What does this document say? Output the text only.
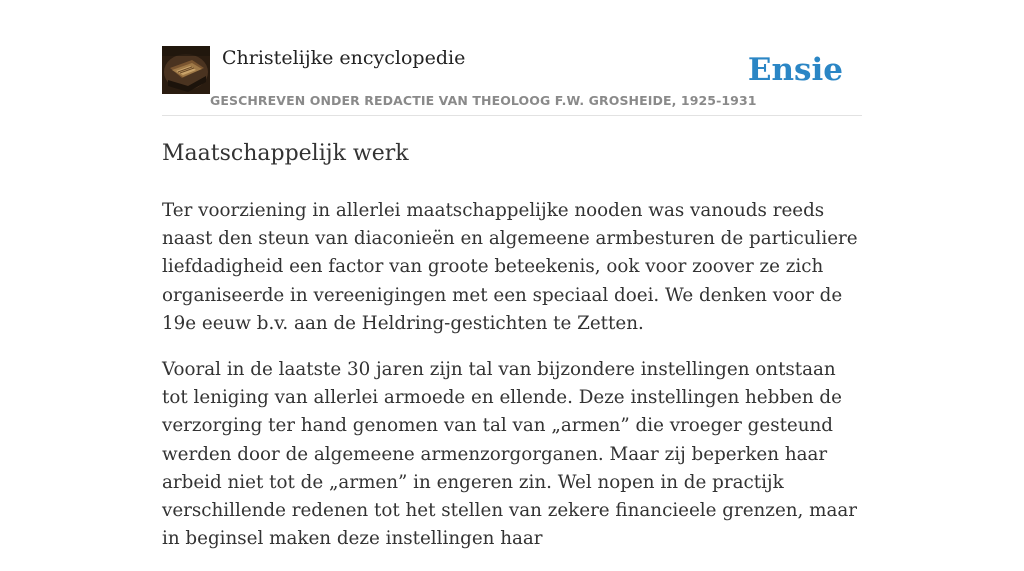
Christelijke encyclopedie
GESCHREVEN ONDER REDACTIE VAN THEOLOOG F.W. GROSHEIDE, 1925-1931
Ensie
Maatschappelijk werk

Ter voorziening in allerlei maatschappelijke nooden was vanouds reeds naast den steun van diaconieën en algemeene armbesturen de particuliere liefdadigheid een factor van groote beteekenis, ook voor zoover ze zich organiseerde in vereenigingen met een speciaal doei. We denken voor de 19e eeuw b.v. aan de Heldring-gestichten te Zetten.

Vooral in de laatste 30 jaren zijn tal van bijzondere instellingen ontstaan tot leniging van allerlei armoede en ellende. Deze instellingen hebben de verzorging ter hand genomen van tal van „armen” die vroeger gesteund werden door de algemeene armenzorgorganen. Maar zij beperken haar arbeid niet tot de „armen” in engeren zin. Wel nopen in de practijk verschillende redenen tot het stellen van zekere financieele grenzen, maar in beginsel maken deze instellingen haar
